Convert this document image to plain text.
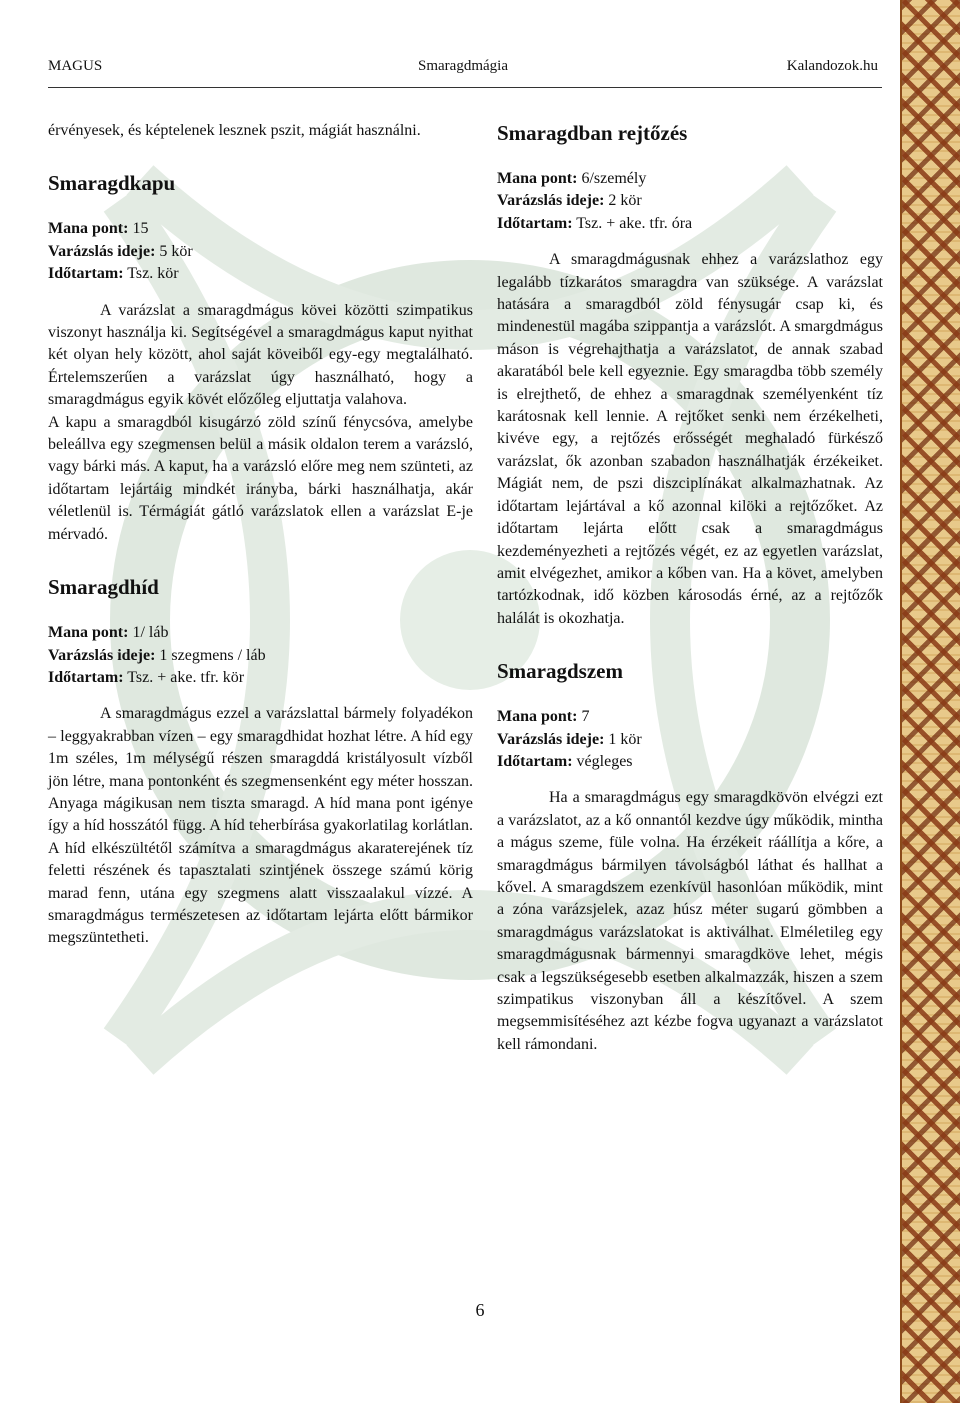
MAGUS	Smaragdmágia	Kalandozok.hu

érvényesek, és képtelenek lesznek pszit, mágiát használni.

Smaragdkapu

Mana pont: 15

Varázslás ideje: 5 kör

Időtartam: Tsz. kör

A varázslat a smaragdmágus kövei közötti szimpatikus viszonyt használja ki. Segítségével a smaragdmágus kaput nyithat két olyan hely között, ahol saját köveiből egy-egy megtalálható. Értelemszerűen a varázslat úgy használható, hogy a smaragdmágus egyik kövét előzőleg eljuttatja valahova.

A kapu a smaragdból kisugárzó zöld színű fénycsóva, amelybe beleállva egy szegmensen belül a másik oldalon terem a varázsló, vagy bárki más. A kaput, ha a varázsló előre meg nem szünteti, az időtartam lejártáig mindkét irányba, bárki használhatja, akár véletlenül is. Térmágiát gátló varázslatok ellen a varázslat E-je mérvadó.

Smaragdhíd

Mana pont: 1/ láb

Varázslás ideje: 1 szegmens / láb

Időtartam: Tsz. + ake. tfr. kör

A smaragdmágus ezzel a varázslattal bármely folyadékon – leggyakrabban vízen – egy smaragdhidat hozhat létre. A híd egy 1m széles, 1m mélységű részen smaragddá kristályosult vízből jön létre, mana pontonként és szegmensenként egy méter hosszan. Anyaga mágikusan nem tiszta smaragd. A híd mana pont igénye így a híd hosszától függ. A híd teherbírása gyakorlatilag korlátlan. A híd elkészültétől számítva a smaragdmágus akaraterejének tíz feletti részének és tapasztalati szintjének összege számú körig marad fenn, utána egy szegmens alatt visszaalakul vízzé. A smaragdmágus természetesen az időtartam lejárta előtt bármikor megszüntetheti.

Smaragdban rejtőzés

Mana pont: 6/személy

Varázslás ideje: 2 kör

Időtartam: Tsz. + ake. tfr. óra

A smaragdmágusnak ehhez a varázslathoz egy legalább tízkarátos smaragdra van szüksége. A varázslat hatására a smaragdból zöld fénysugár csap ki, és mindenestül magába szippantja a varázslót. A smargdmágus máson is végrehajthatja a varázslatot, de annak szabad akaratából bele kell egyeznie. Egy smaragdba több személy is elrejthető, de ehhez a smaragdnak személyenként tíz karátosnak kell lennie. A rejtőket senki nem érzékelheti, kivéve egy, a rejtőzés erősségét meghaladó fürkésző varázslat, ők azonban szabadon használhatják érzékeiket. Mágiát nem, de pszi diszciplínákat alkalmazhatnak. Az időtartam lejártával a kő azonnal kilöki a rejtőzőket. Az időtartam lejárta előtt csak a smaragdmágus kezdeményezheti a rejtőzés végét, ez az egyetlen varázslat, amit elvégezhet, amikor a kőben van. Ha a követ, amelyben tartózkodnak, idő közben károsodás érné, az a rejtőzők halálát is okozhatja.

Smaragdszem

Mana pont: 7

Varázslás ideje: 1 kör

Időtartam: végleges

Ha a smaragdmágus egy smaragdkövön elvégzi ezt a varázslatot, az a kő onnantól kezdve úgy működik, mintha a mágus szeme, füle volna. Ha érzékeit ráállítja a kőre, a smaragdmágus bármilyen távolságból láthat és hallhat a kővel. A smaragdszem ezenkívül hasonlóan működik, mint a zóna varázsjelek, azaz húsz méter sugarú gömbben a smaragdmágus varázslatokat is aktiválhat. Elméletileg egy smaragdmágusnak bármennyi smaragdköve lehet, mégis csak a legszükségesebb esetben alkalmazzák, hiszen a szem szimpatikus viszonyban áll a készítővel. A szem megsemmisítéséhez azt kézbe fogva ugyanazt a varázslatot kell rámondani.

6
